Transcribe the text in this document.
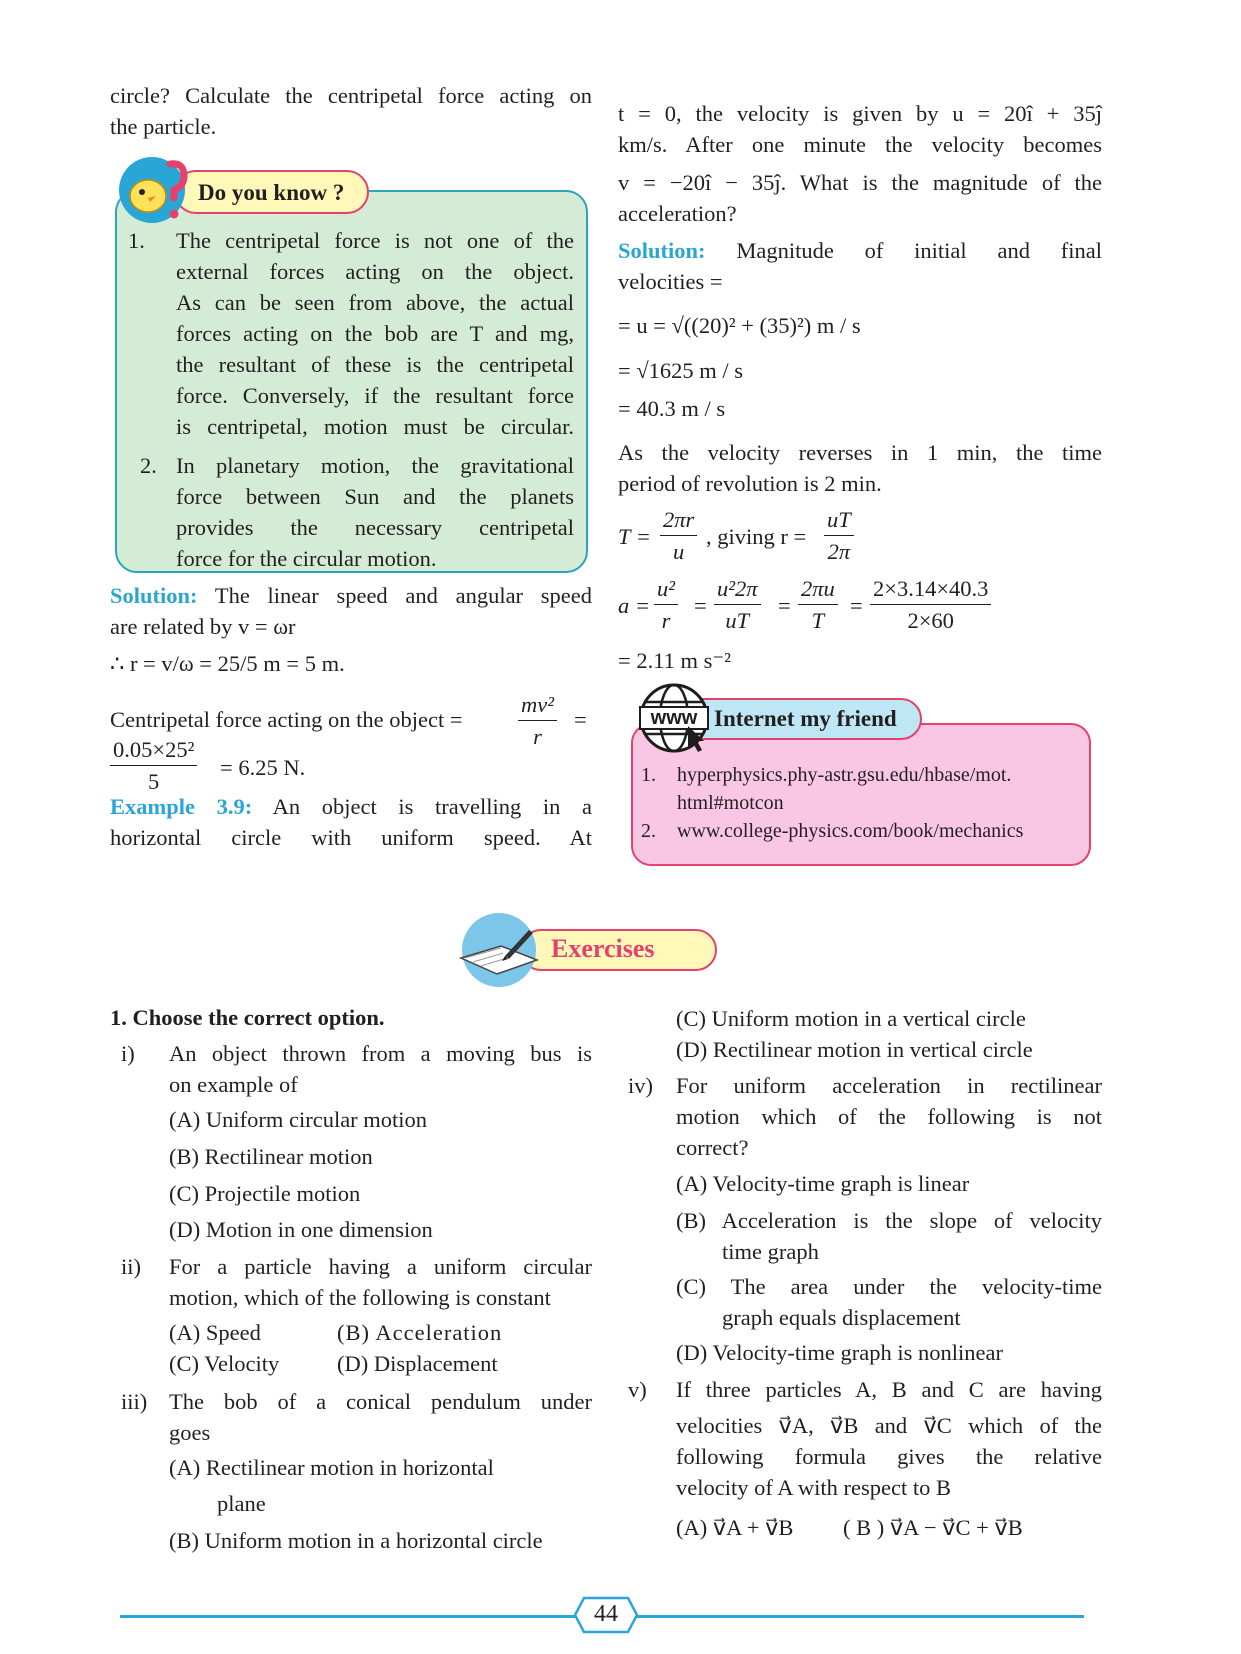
circle? Calculate the centripetal force acting on
the particle.
Do you know ?
1. The centripetal force is not one of the
external forces acting on the object.
As can be seen from above, the actual
forces acting on the bob are T and mg,
the resultant of these is the centripetal
force. Conversely, if the resultant force
is centripetal, motion must be circular.
2. In planetary motion, the gravitational
force between Sun and the planets
provides the necessary centripetal
force for the circular motion.
Solution: The linear speed and angular speed
are related by v = ωr
∴ r = v/ω = 25/5 m = 5 m.
Centripetal force acting on the object = $\frac{\text{mv²}}{r}$ =
$\frac{\text{0.05×25²}}{5} = 6.25$ N.
Example 3.9: An object is travelling in a
horizontal circle with uniform speed. At
t = 0, the velocity is given by u = 20î + 35ĵ
km/s. After one minute the velocity becomes
v = −20î − 35ĵ. What is the magnitude of the
acceleration?
Solution: Magnitude of initial and final
velocities =
= u = √((20)² + (35)²) m / s
= √1625 m / s
= 40.3 m / s
As the velocity reverses in 1 min, the time
period of revolution is 2 min.
$T = \frac{2\pi r}{u}$ , giving $r = \frac{uT}{2\pi}$
$a = \frac{\text{u²}}{r} = \frac{\text{u²2π}}{uT} = \frac{2\pi u}{T} = \frac{2\times 3.14\times 40.3}{2\times 60}$
= 2.11 m s⁻²
www Internet my friend
1. hyperphysics.phy-astr.gsu.edu/hbase/mot.
html#motcon
2. www.college-physics.com/book/mechanics
Exercises
1. Choose the correct option.
i) An object thrown from a moving bus is
on example of
(A) Uniform circular motion
(B) Rectilinear motion
(C) Projectile motion
(D) Motion in one dimension
ii) For a particle having a uniform circular
motion, which of the following is constant
(A) Speed	(B) Acceleration
(C) Velocity	(D) Displacement
iii) The bob of a conical pendulum under
goes
(A) Rectilinear motion in horizontal
plane
(B) Uniform motion in a horizontal circle
(C) Uniform motion in a vertical circle
(D) Rectilinear motion in vertical circle
iv) For uniform acceleration in rectilinear
motion which of the following is not
correct?
(A) Velocity-time graph is linear
(B) Acceleration is the slope of velocity
time graph
(C) The area under the velocity-time
graph equals displacement
(D) Velocity-time graph is nonlinear
v) If three particles A, B and C are having
velocities v⃗A, v⃗B and v⃗C which of the
following formula gives the relative
velocity of A with respect to B
(A) v⃗A + v⃗B ( B ) v⃗A − v⃗C + v⃗B
44
